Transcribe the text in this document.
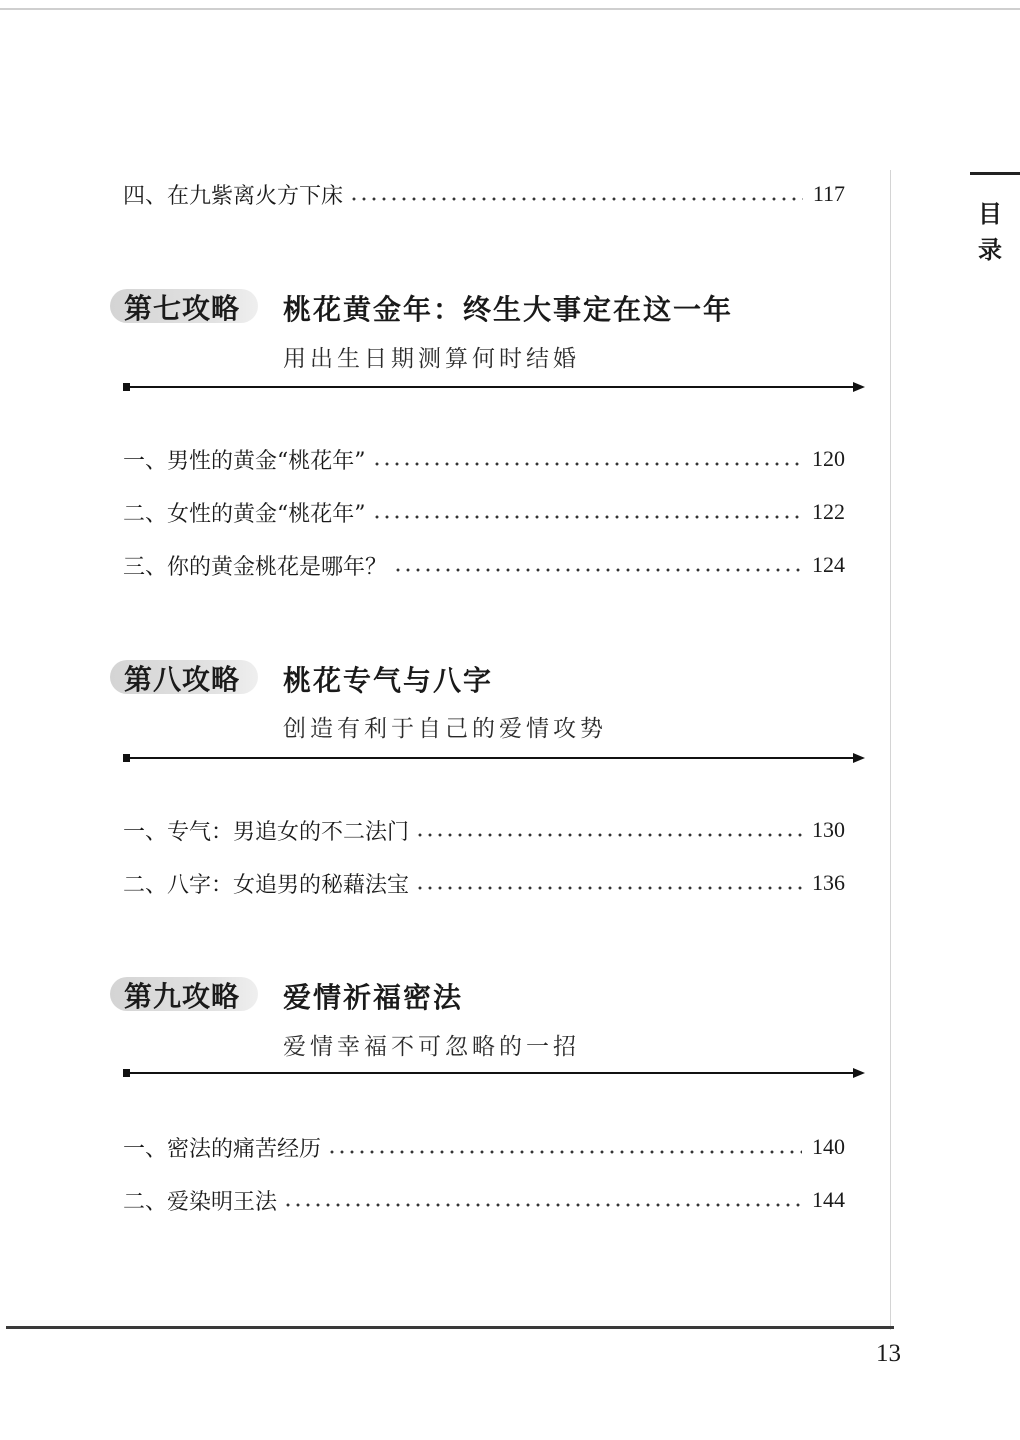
目录
四、在九紫离火方下床	117
第七攻略 桃花黄金年：终生大事定在这一年
用出生日期测算何时结婚
一、男性的黄金“桃花年”	120
二、女性的黄金“桃花年”	122
三、你的黄金桃花是哪年？	124
第八攻略 桃花专气与八字
创造有利于自己的爱情攻势
一、专气：男追女的不二法门	130
二、八字：女追男的秘藉法宝	136
第九攻略 爱情祈福密法
爱情幸福不可忽略的一招
一、密法的痛苦经历	140
二、爱染明王法	144
13
